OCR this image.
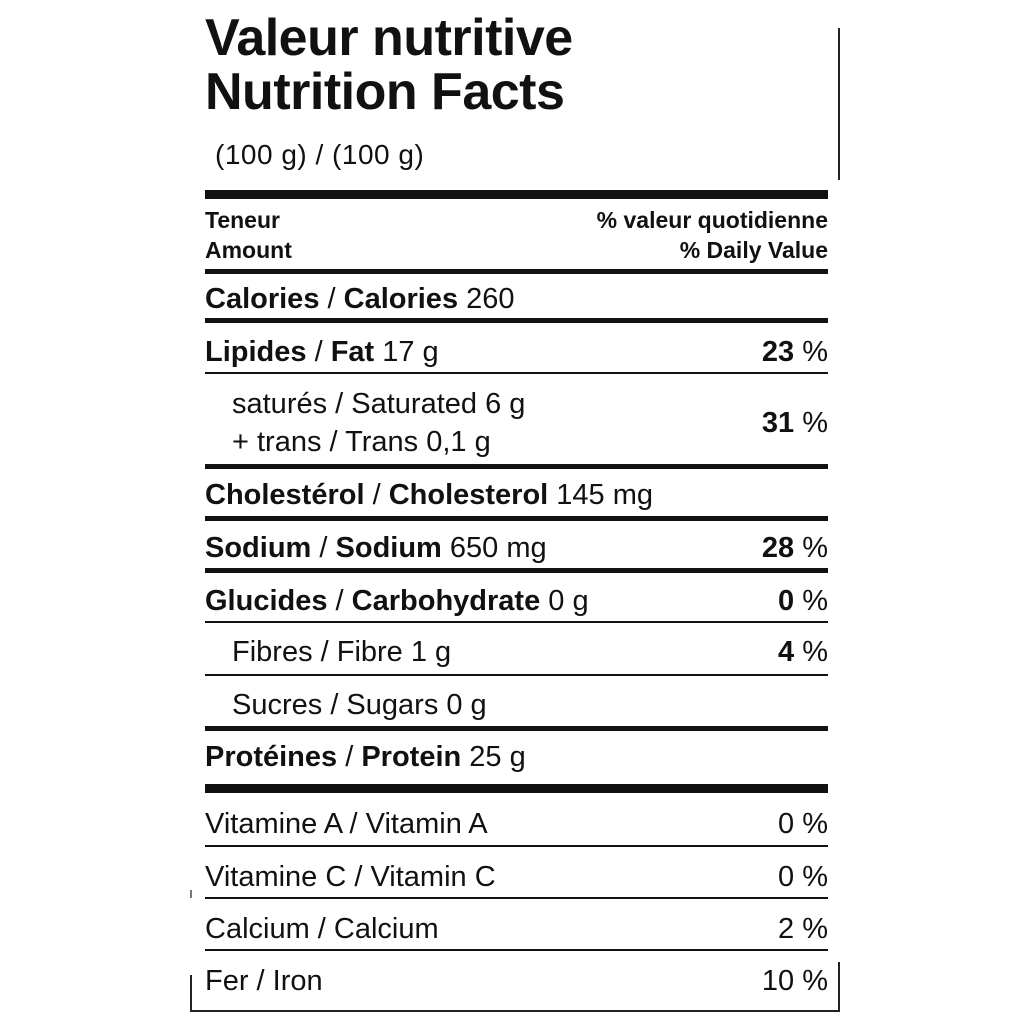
Valeur nutritive
Nutrition Facts
(100 g) / (100 g)
Teneur
Amount
% valeur quotidienne
% Daily Value
Calories / Calories 260
Lipides / Fat 17 g	23 %
saturés / Saturated 6 g
+ trans / Trans 0,1 g
31 %
Cholestérol / Cholesterol 145 mg
Sodium / Sodium 650 mg	28 %
Glucides / Carbohydrate 0 g	0 %
Fibres / Fibre 1 g	4 %
Sucres / Sugars 0 g
Protéines / Protein 25 g
Vitamine A / Vitamin A	0 %
Vitamine C / Vitamin C	0 %
Calcium / Calcium	2 %
Fer / Iron	10 %
